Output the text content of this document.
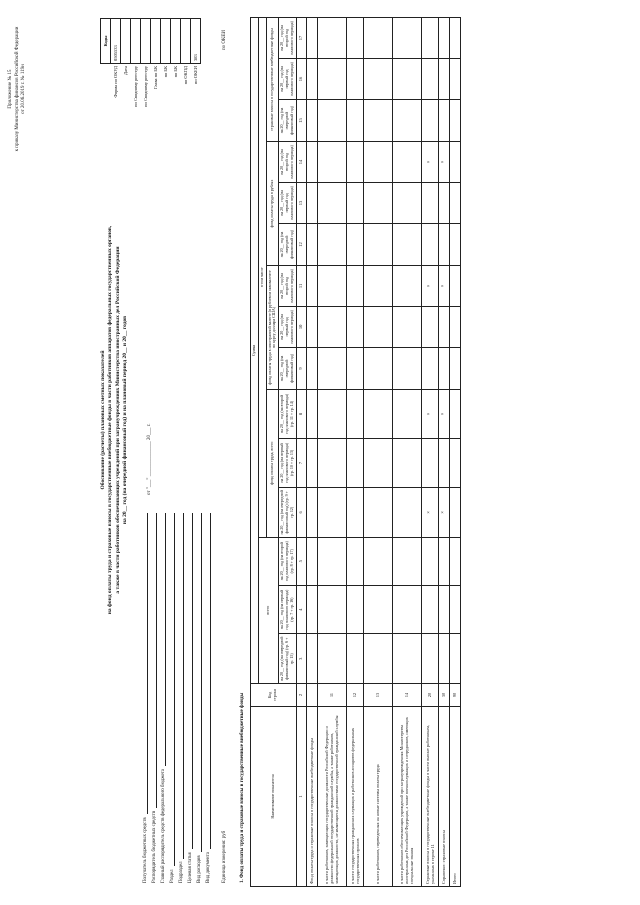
Приложение № 15 к приказу Министерства финансов Российской Федерации от 20.06.2019 г. № 119н
Обоснование (расчеты) плановых сметных показателей на фонд оплаты труда и страховые взносы в государственные внебюджетные фонды в части работников аппаратов федеральных государственных органов, а также в части работников обеспечивающих учреждений при загранучреждениях Министерства иностранных дел Российской Федерации на 20__ год (на очередной финансовый год) и на плановый период 20__ и 20__ годов	от "___" ______________ 20___ г.
	Коды
Форма по ОКУД	0505533
Дата	
по Сводному реестру	
по Сводному реестру	
Глава по БК	
по БК	
по БК	
по ОКПД	
по ОКЕИ	383
Получатель бюджетных средств Распорядитель бюджетных средств Главный распорядитель средств федерального бюджета Раздел Подраздел Целевая статья Вид расходов Вид документа Единица измерения: руб
по ОКЕИ
1. Фонд оплаты труда и страховые взносы в государственные внебюджетные фонды	Наименование показателя	Код строки	Сумма														
		всего			в том числе											
					фонд оплаты труда, всего			фонд оплаты труда в иностранной валюте (в рублевом эквиваленте по курсу доллара США)			фонд оплаты труда в рублях			страховые взносы в государственные внебюджетные фонды		
		на 20__ год (на очередной финансовый год) (гр. 6 + гр. 15)	на 20__ год (на первый год планового периода) (гр. 7 + гр. 16)	на 20__ год (на второй год планового периода) (гр. 8 + гр. 17)	на 20__ год (на очередной финансовый год) (гр. 9 + гр. 12)	на 20__ год (на первый год планового периода) (гр. 10 + гр. 13)	на 20__ год (на второй год планового периода) (гр. 11 + гр. 14)	на 20__ год (на очередной финансовый год)	на 20__ год (на первый год планового периода)	на 20__ год (на второй год планового периода)	на 20__ год (на очередной финансовый год)	на 20__ год (на первый год планового периода)	на 20__ год (на второй год планового периода)	на 20__ год (на очередной финансовый год)	на 20__ год (на первый год планового периода)	на 20__ год (на второй год планового периода)
1	2	3	4	5	6	7	8	9	10	11	12	13	14	15	16	17
Фонд оплаты труда и страховые взносы в государственные внебюджетные фонды																
в части работников, замещающих государственные должности Российской Федерации и должности федеральной государственной гражданской службы, а также работников, замещающих должности, не являющиеся должностями государственной гражданской службы	11															
в части государственных гражданских служащих и работников аппаратов федеральных государственных органов	12															
в части работников, переведенных на новые системы оплаты труда	13															
в части работников обеспечивающих учреждений при загранучреждениях Министерства иностранных дел Российской Федерации, а также военнослужащих и сотрудников, имеющих специальные звания	14															
Страховые взносы в государственные внебюджетные фонды в части выплат работникам, указанных в строке 11	20				×		×			×			×			
Справочно: страховые взносы	30				×		×			×			×			
Итого	90															
